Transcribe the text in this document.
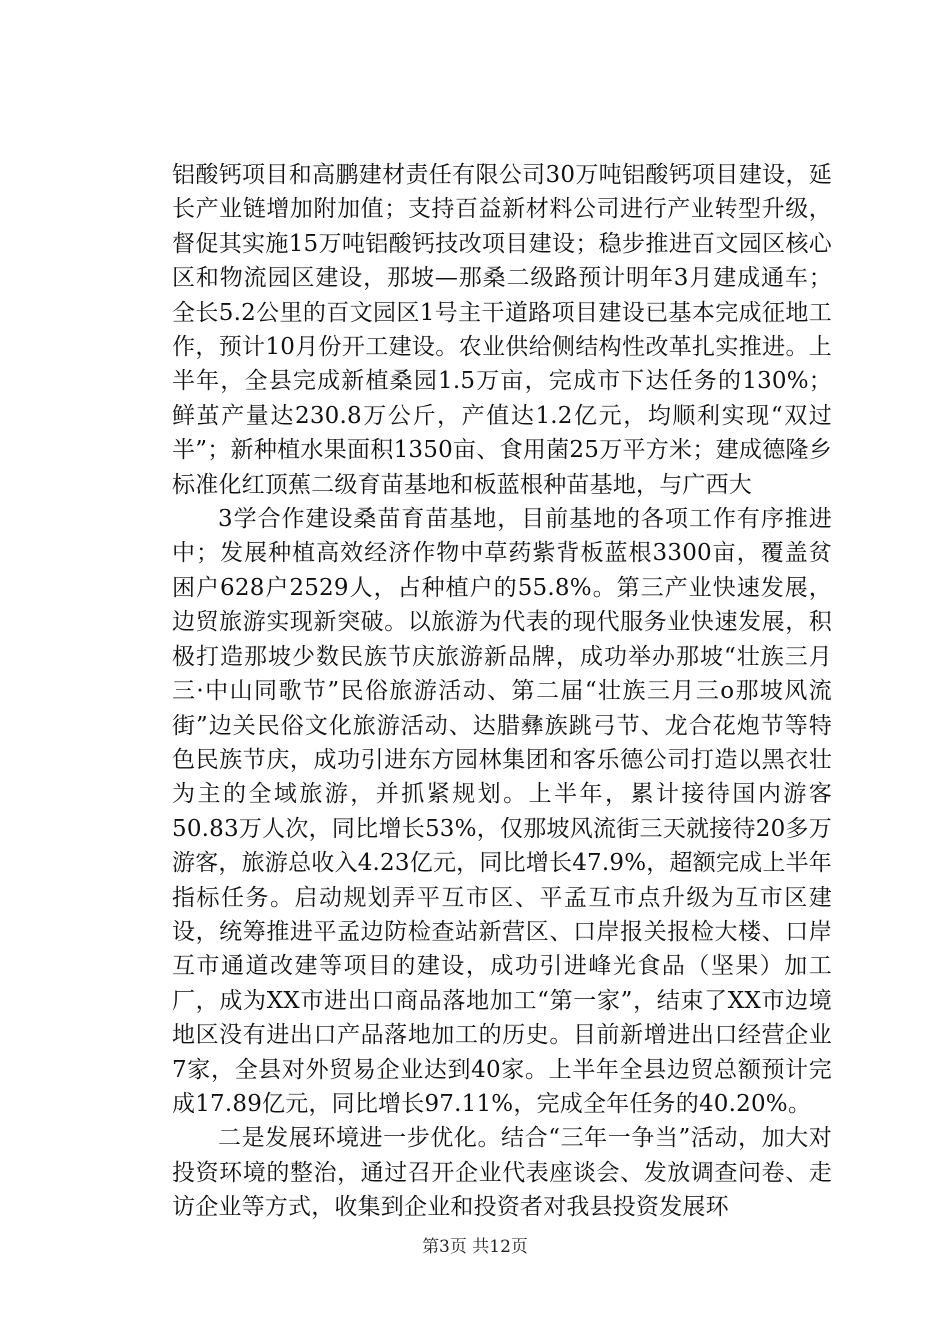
铝酸钙项目和高鹏建材责任有限公司30万吨铝酸钙项目建设，延长产业链增加附加值；支持百益新材料公司进行产业转型升级，督促其实施15万吨铝酸钙技改项目建设；稳步推进百文园区核心区和物流园区建设，那坡—那桑二级路预计明年3月建成通车；全长5.2公里的百文园区1号主干道路项目建设已基本完成征地工作，预计10月份开工建设。农业供给侧结构性改革扎实推进。上半年，全县完成新植桑园1.5万亩，完成市下达任务的130%；鲜茧产量达230.8万公斤，产值达1.2亿元，均顺利实现“双过半”；新种植水果面积1350亩、食用菌25万平方米；建成德隆乡标准化红顶蕉二级育苗基地和板蓝根种苗基地，与广西大

3学合作建设桑苗育苗基地，目前基地的各项工作有序推进中；发展种植高效经济作物中草药紫背板蓝根3300亩，覆盖贫困户628户2529人，占种植户的55.8%。第三产业快速发展，边贸旅游实现新突破。以旅游为代表的现代服务业快速发展，积极打造那坡少数民族节庆旅游新品牌，成功举办那坡“壮族三月三·中山同歌节”民俗旅游活动、第二届“壮族三月三o那坡风流街”边关民俗文化旅游活动、达腊彝族跳弓节、龙合花炮节等特色民族节庆，成功引进东方园林集团和客乐德公司打造以黑衣壮为主的全域旅游，并抓紧规划。上半年，累计接待国内游客50.83万人次，同比增长53%，仅那坡风流街三天就接待20多万游客，旅游总收入4.23亿元，同比增长47.9%，超额完成上半年指标任务。启动规划弄平互市区、平孟互市点升级为互市区建设，统筹推进平孟边防检查站新营区、口岸报关报检大楼、口岸互市通道改建等项目的建设，成功引进峰光食品（坚果）加工厂，成为XX市进出口商品落地加工“第一家”，结束了XX市边境地区没有进出口产品落地加工的历史。目前新增进出口经营企业7家，全县对外贸易企业达到40家。上半年全县边贸总额预计完成17.89亿元，同比增长97.11%，完成全年任务的40.20%。

二是发展环境进一步优化。结合“三年一争当”活动，加大对投资环境的整治，通过召开企业代表座谈会、发放调查问卷、走访企业等方式，收集到企业和投资者对我县投资发展环

第3页 共12页
